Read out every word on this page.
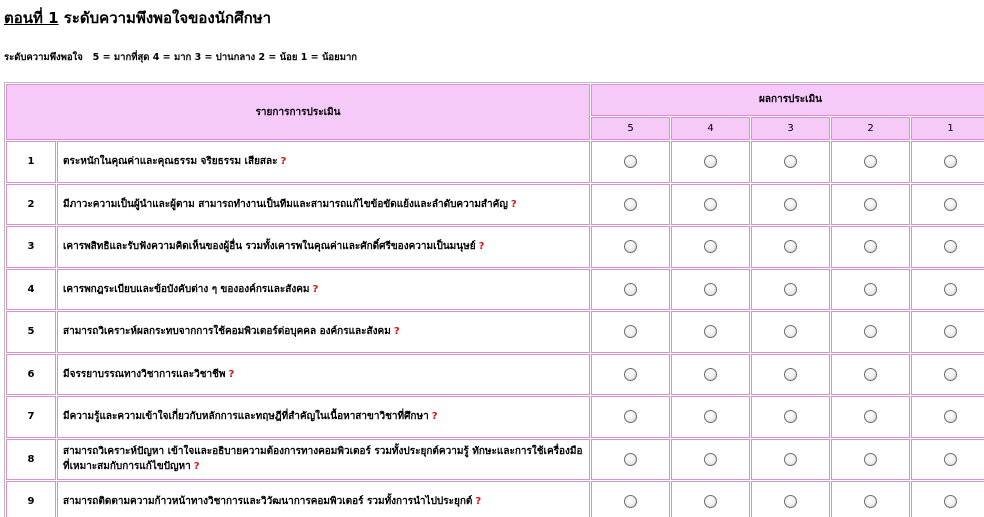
ตอนที่ 1 ระดับความพึงพอใจของนักศึกษา
ระดับความพึงพอใจ   5 = มากที่สุด 4 = มาก 3 = ปานกลาง 2 = น้อย 1 = น้อยมาก
รายการการประเมิน		ผลการประเมิน				
		5	4	3	2	1
1	ตระหนักในคุณค่าและคุณธรรม จริยธรรม เสียสละ ?					
2	มีภาวะความเป็นผู้นำและผู้ตาม สามารถทำงานเป็นทีมและสามารถแก้ไขข้อขัดแย้งและลำดับความสำคัญ ?					
3	เคารพสิทธิและรับฟังความคิดเห็นของผู้อื่น รวมทั้งเคารพในคุณค่าและศักดิ์ศรีของความเป็นมนุษย์ ?					
4	เคารพกฎระเบียบและข้อบังคับต่าง ๆ ขององค์กรและสังคม ?					
5	สามารถวิเคราะห์ผลกระทบจากการใช้คอมพิวเตอร์ต่อบุคคล องค์กรและสังคม ?					
6	มีจรรยาบรรณทางวิชาการและวิชาชีพ ?					
7	มีความรู้และความเข้าใจเกี่ยวกับหลักการและทฤษฎีที่สำคัญในเนื้อหาสาขาวิชาที่ศึกษา ?					
8	สามารถวิเคราะห์ปัญหา เข้าใจและอธิบายความต้องการทางคอมพิวเตอร์ รวมทั้งประยุกต์ความรู้ ทักษะและการใช้เครื่องมือที่เหมาะสมกับการแก้ไขปัญหา ?					
9	สามารถติดตามความก้าวหน้าทางวิชาการและวิวัฒนาการคอมพิวเตอร์ รวมทั้งการนำไปประยุกต์ ?					
